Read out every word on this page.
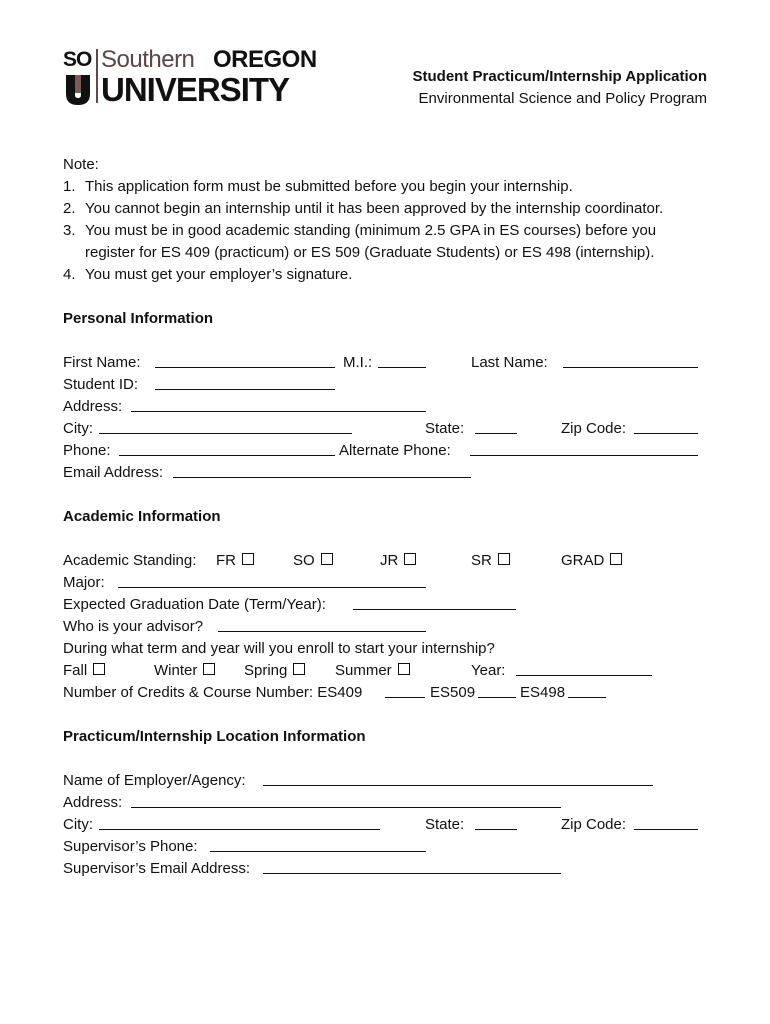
SO Southern OREGON
UNIVERSITY	Student Practicum/Internship Application
Environmental Science and Policy Program
Note:
1. This application form must be submitted before you begin your internship.
2. You cannot begin an internship until it has been approved by the internship coordinator.
3. You must be in good academic standing (minimum 2.5 GPA in ES courses) before you register for ES 409 (practicum) or ES 509 (Graduate Students) or ES 498 (internship).
4. You must get your employer’s signature.
Personal Information
First Name:	M.I.:	Last Name:
Student ID:
Address:
City:	State:	Zip Code:
Phone:	Alternate Phone:
Email Address:
Academic Information
Academic Standing: FR	SO	JR	SR	GRAD
Major:
Expected Graduation Date (Term/Year):
Who is your advisor?
During what term and year will you enroll to start your internship?
Fall	Winter	Spring	Summer	Year:
Number of Credits & Course Number: ES409	ES509	ES498
Practicum/Internship Location Information
Name of Employer/Agency:
Address:
City:	State:	Zip Code:
Supervisor’s Phone:
Supervisor’s Email Address:
